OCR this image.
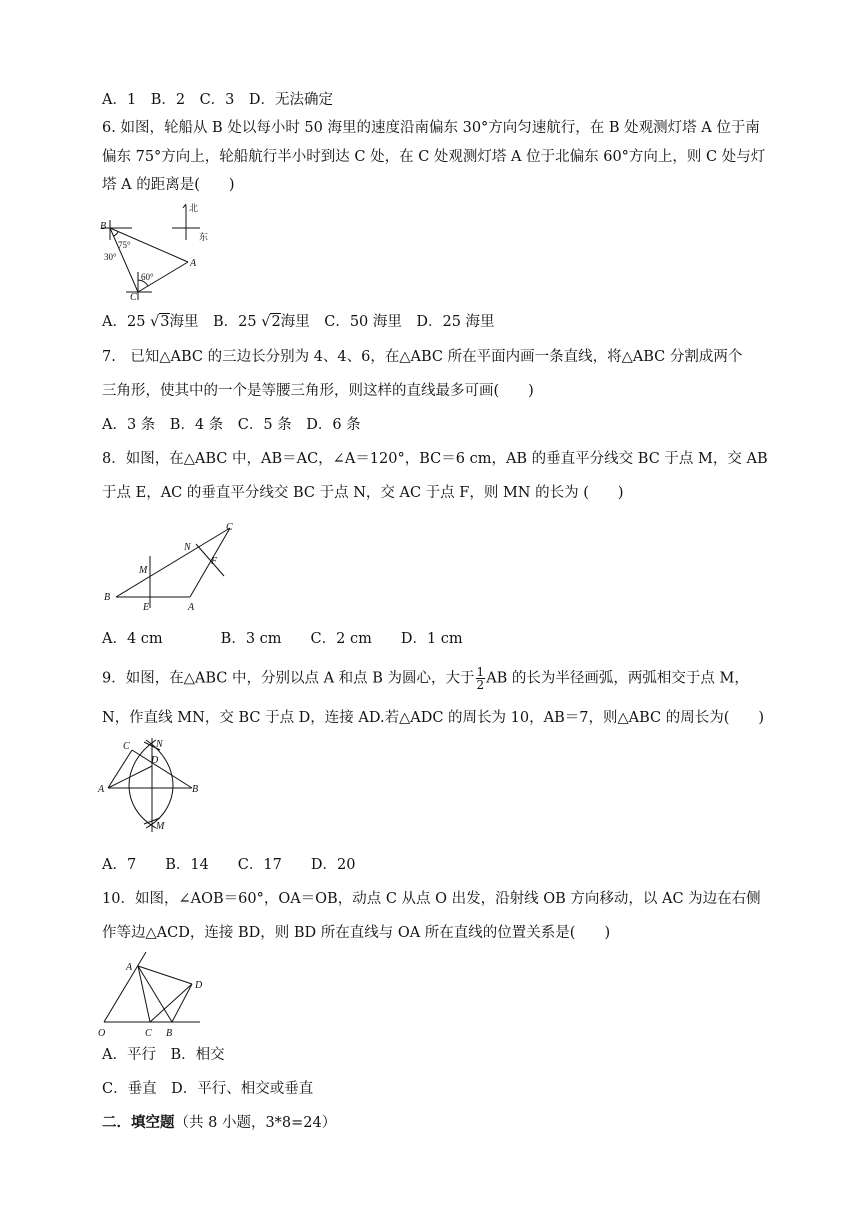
A．1　B．2　C．3　D．无法确定
6. 如图，轮船从 B 处以每小时 50 海里的速度沿南偏东 30°方向匀速航行，在 B 处观测灯塔 A 位于南
偏东 75°方向上，轮船航行半小时到达 C 处，在 C 处观测灯塔 A 位于北偏东 60°方向上，则 C 处与灯
塔 A 的距离是(　　)
B
A
C
75°
30°
60°
北
东
A．25 √3海里　B．25 √2海里　C．50 海里　D．25 海里
7.　已知△ABC 的三边长分别为 4、4、6，在△ABC 所在平面内画一条直线，将△ABC 分割成两个
三角形，使其中的一个是等腰三角形，则这样的直线最多可画(　　)
A．3 条　B．4 条　C．5 条　D．6 条
8．如图，在△ABC 中，AB＝AC，∠A＝120°，BC＝6 cm，AB 的垂直平分线交 BC 于点 M，交 AB
于点 E，AC 的垂直平分线交 BC 于点 N，交 AC 于点 F，则 MN 的长为 (　　)
B
E	A
M
N
F
C
A．4 cm　　　　B．3 cm　　C．2 cm　　D．1 cm
9．如图，在△ABC 中，分别以点 A 和点 B 为圆心，大于 $\frac{1}{2}$ AB 的长为半径画弧，两弧相交于点 M，
N，作直线 MN，交 BC 于点 D，连接 AD.若△ADC 的周长为 10，AB＝7，则△ABC 的周长为(　　)
C	N
D
A	B
M
A．7　　B．14　　C．17　　D．20
10．如图，∠AOB＝60°，OA＝OB，动点 C 从点 O 出发，沿射线 OB 方向移动，以 AC 为边在右侧
作等边△ACD，连接 BD，则 BD 所在直线与 OA 所在直线的位置关系是(　　)
A
D
O	C B
A．平行　B．相交
C．垂直　D．平行、相交或垂直
二．填空题（共 8 小题，3*8=24）
